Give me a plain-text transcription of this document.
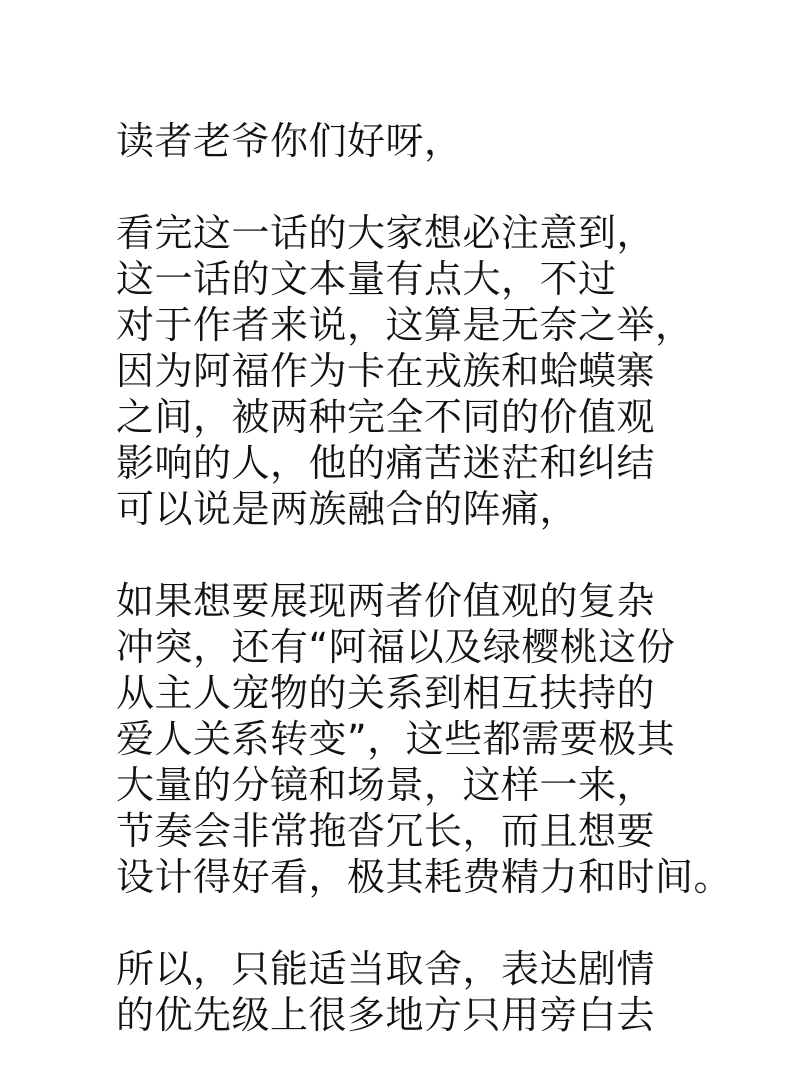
读者老爷你们好呀，
看完这一话的大家想必注意到，
这一话的文本量有点大，不过
对于作者来说，这算是无奈之举，
因为阿福作为卡在戎族和蛤蟆寨
之间，被两种完全不同的价值观
影响的人，他的痛苦迷茫和纠结
可以说是两族融合的阵痛，
如果想要展现两者价值观的复杂
冲突，还有“阿福以及绿樱桃这份
从主人宠物的关系到相互扶持的
爱人关系转变”，这些都需要极其
大量的分镜和场景，这样一来，
节奏会非常拖沓冗长，而且想要
设计得好看，极其耗费精力和时间。
所以，只能适当取舍，表达剧情
的优先级上很多地方只用旁白去
